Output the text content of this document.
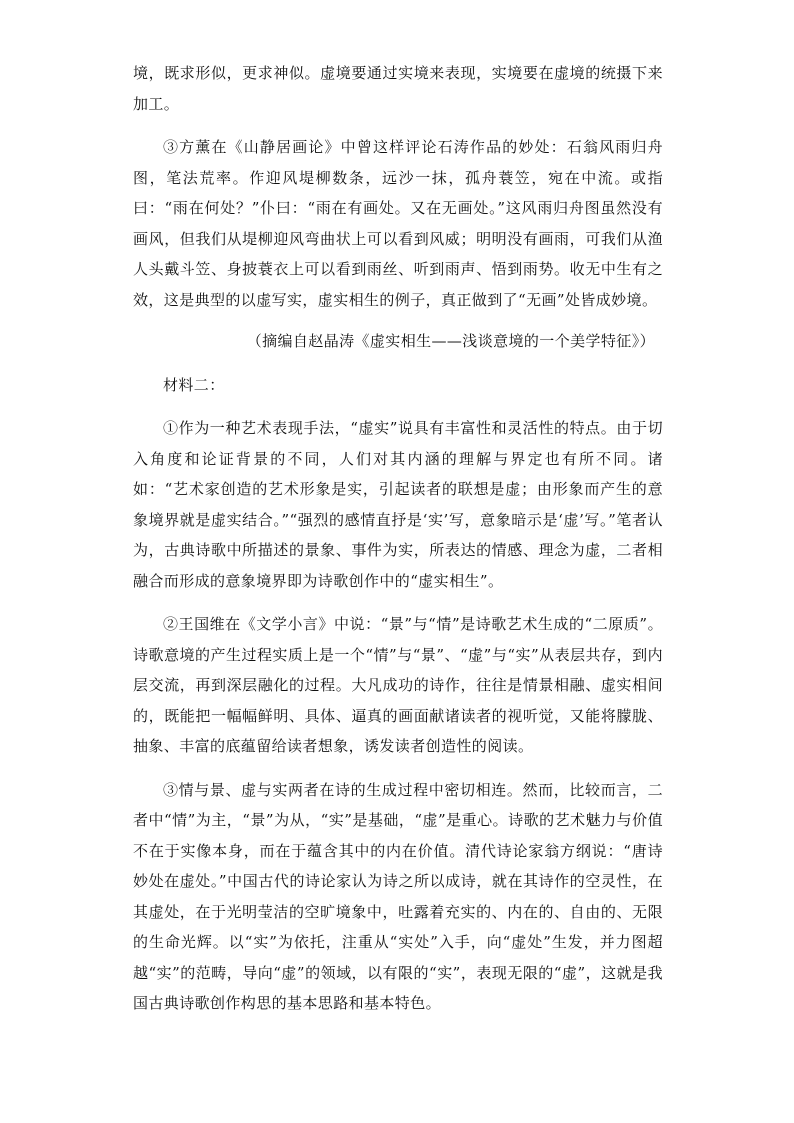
境，既求形似，更求神似。虚境要通过实境来表现，实境要在虚境的统摄下来加工。

③方薰在《山静居画论》中曾这样评论石涛作品的妙处：石翁风雨归舟图，笔法荒率。作迎风堤柳数条，远沙一抹，孤舟蓑笠，宛在中流。或指曰：“雨在何处？”仆曰：“雨在有画处。又在无画处。”这风雨归舟图虽然没有画风，但我们从堤柳迎风弯曲状上可以看到风威；明明没有画雨，可我们从渔人头戴斗笠、身披蓑衣上可以看到雨丝、听到雨声、悟到雨势。收无中生有之效，这是典型的以虚写实，虚实相生的例子，真正做到了“无画”处皆成妙境。

（摘编自赵晶涛《虚实相生——浅谈意境的一个美学特征》）

材料二：

①作为一种艺术表现手法，“虚实”说具有丰富性和灵活性的特点。由于切入角度和论证背景的不同，人们对其内涵的理解与界定也有所不同。诸如：“艺术家创造的艺术形象是实，引起读者的联想是虚；由形象而产生的意象境界就是虚实结合。”“强烈的感情直抒是‘实’写，意象暗示是‘虚’写。”笔者认为，古典诗歌中所描述的景象、事件为实，所表达的情感、理念为虚，二者相融合而形成的意象境界即为诗歌创作中的“虚实相生”。

②王国维在《文学小言》中说：“景”与“情”是诗歌艺术生成的“二原质”。诗歌意境的产生过程实质上是一个“情”与“景”、“虚”与“实”从表层共存，到内层交流，再到深层融化的过程。大凡成功的诗作，往往是情景相融、虚实相间的，既能把一幅幅鲜明、具体、逼真的画面献诸读者的视听觉，又能将朦胧、抽象、丰富的底蕴留给读者想象，诱发读者创造性的阅读。

③情与景、虚与实两者在诗的生成过程中密切相连。然而，比较而言，二者中“情”为主，“景”为从，“实”是基础，“虚”是重心。诗歌的艺术魅力与价值不在于实像本身，而在于蕴含其中的内在价值。清代诗论家翁方纲说：“唐诗妙处在虚处。”中国古代的诗论家认为诗之所以成诗，就在其诗作的空灵性，在其虚处，在于光明莹洁的空旷境象中，吐露着充实的、内在的、自由的、无限的生命光辉。以“实”为依托，注重从“实处”入手，向“虚处”生发，并力图超越“实”的范畴，导向“虚”的领域，以有限的“实”，表现无限的“虚”，这就是我国古典诗歌创作构思的基本思路和基本特色。
